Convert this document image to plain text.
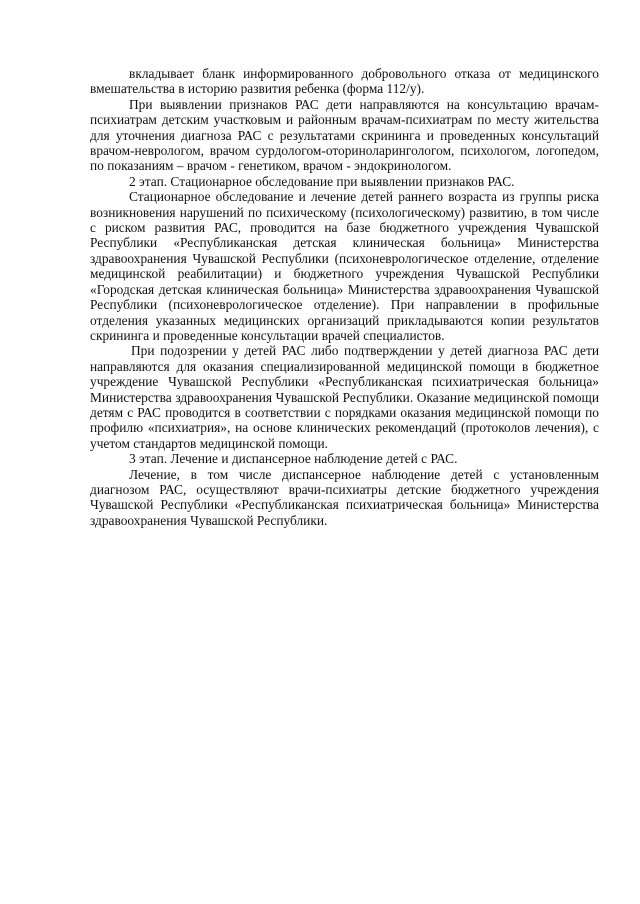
вкладывает бланк информированного добровольного отказа от медицинского вмешательства в историю развития ребенка (форма 112/у).

При выявлении признаков РАС дети направляются на консультацию врачам-психиатрам детским участковым и районным врачам-психиатрам по месту жительства для уточнения диагноза РАС с результатами скрининга и проведенных консультаций врачом-неврологом, врачом сурдологом-оториноларингологом, психологом, логопедом, по показаниям – врачом - генетиком, врачом - эндокринологом.

2 этап. Стационарное обследование при выявлении признаков РАС.

Стационарное обследование и лечение детей раннего возраста из группы риска возникновения нарушений по психическому (психологическому) развитию, в том числе с риском развития РАС, проводится на базе бюджетного учреждения Чувашской Республики «Республиканская детская клиническая больница» Министерства здравоохранения Чувашской Республики (психоневрологическое отделение, отделение медицинской реабилитации) и бюджетного учреждения Чувашской Республики «Городская детская клиническая больница» Министерства здравоохранения Чувашской Республики (психоневрологическое отделение). При направлении в профильные отделения указанных медицинских организаций прикладываются копии результатов скрининга и проведенные консультации врачей специалистов.

При подозрении у детей РАС либо подтверждении у детей диагноза РАС дети направляются для оказания специализированной медицинской помощи в бюджетное учреждение Чувашской Республики «Республиканская психиатрическая больница» Министерства здравоохранения Чувашской Республики. Оказание медицинской помощи детям с РАС проводится в соответствии с порядками оказания медицинской помощи по профилю «психиатрия», на основе клинических рекомендаций (протоколов лечения), с учетом стандартов медицинской помощи.

3 этап. Лечение и диспансерное наблюдение детей с РАС.

Лечение, в том числе диспансерное наблюдение детей с установленным диагнозом РАС, осуществляют врачи-психиатры детские бюджетного учреждения Чувашской Республики «Республиканская психиатрическая больница» Министерства здравоохранения Чувашской Республики.
